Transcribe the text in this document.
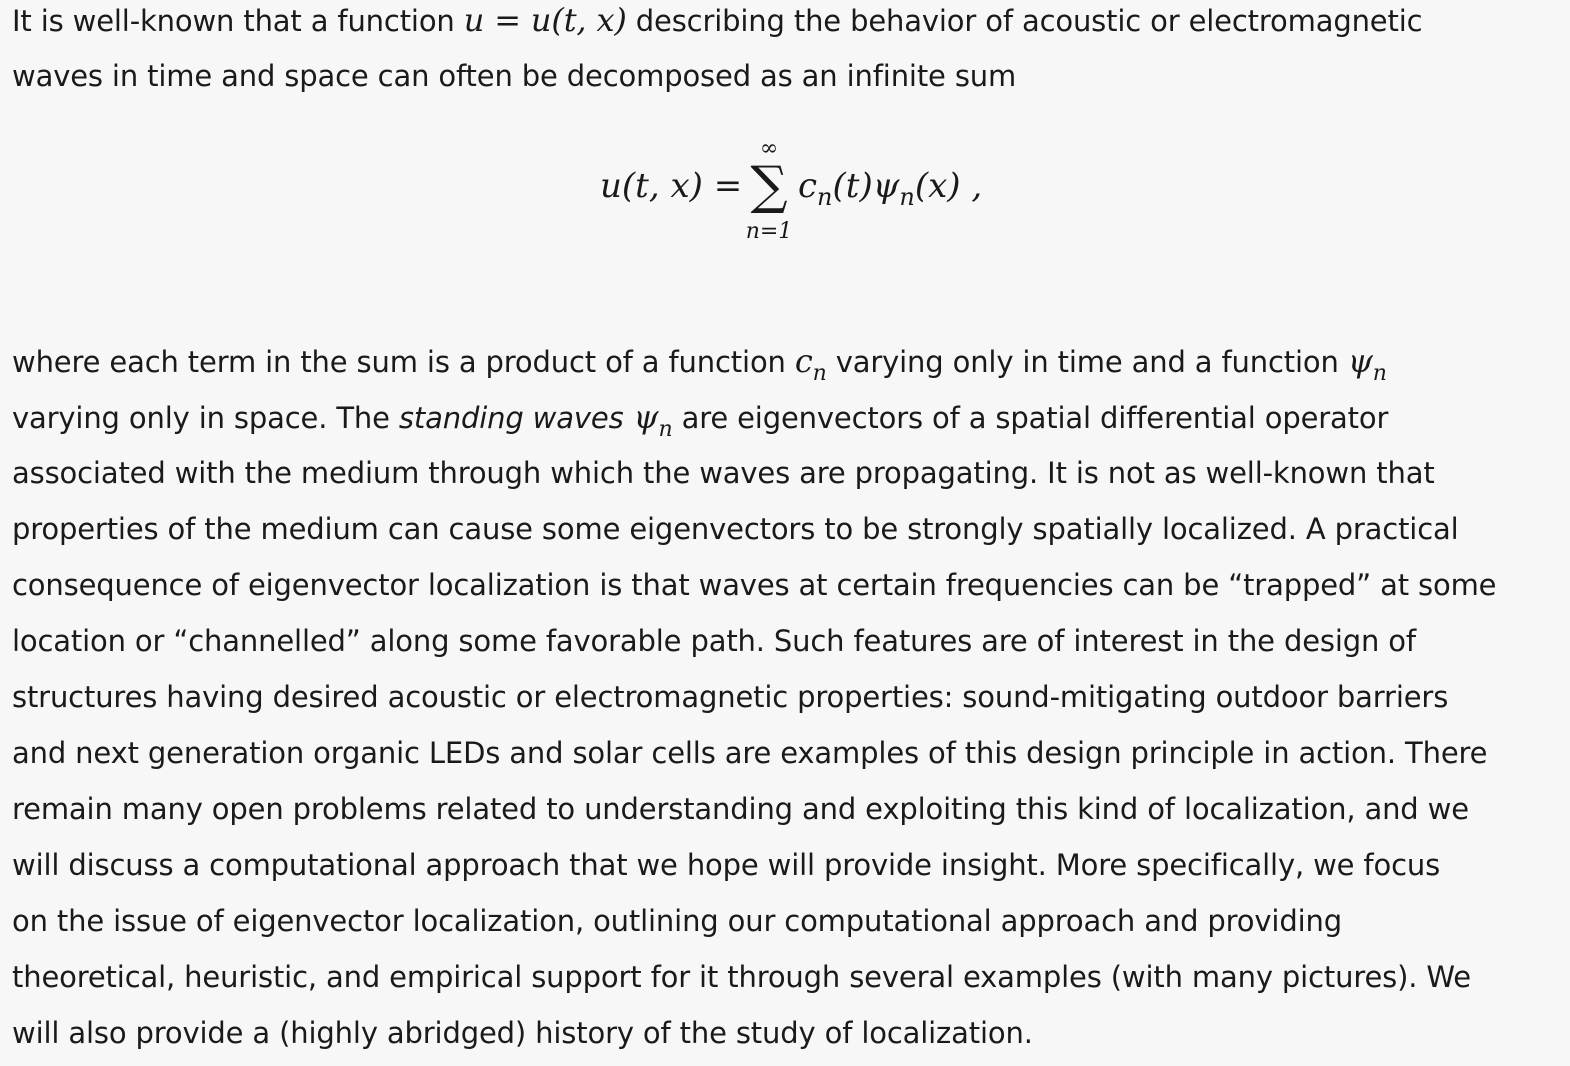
It is well-known that a function u = u(t, x) describing the behavior of acoustic or electromagnetic
waves in time and space can often be decomposed as an infinite sum

u(t, x) =
∞
∑
n=1
$c_n(t)\psi_n(x)$ ,

where each term in the sum is a product of a function $c_n$ varying only in time and a function $\psi_n$
varying only in space. The standing waves $\psi_n$ are eigenvectors of a spatial differential operator
associated with the medium through which the waves are propagating. It is not as well-known that
properties of the medium can cause some eigenvectors to be strongly spatially localized. A practical
consequence of eigenvector localization is that waves at certain frequencies can be “trapped” at some
location or “channelled” along some favorable path. Such features are of interest in the design of
structures having desired acoustic or electromagnetic properties: sound-mitigating outdoor barriers
and next generation organic LEDs and solar cells are examples of this design principle in action. There
remain many open problems related to understanding and exploiting this kind of localization, and we
will discuss a computational approach that we hope will provide insight. More specifically, we focus
on the issue of eigenvector localization, outlining our computational approach and providing
theoretical, heuristic, and empirical support for it through several examples (with many pictures). We
will also provide a (highly abridged) history of the study of localization.
